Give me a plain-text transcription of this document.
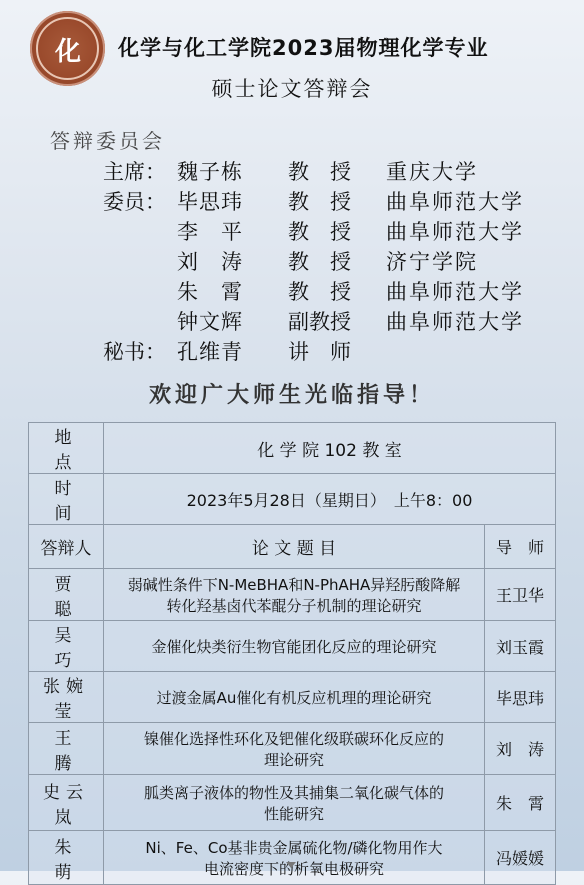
化	化学与化工学院2023届物理化学专业
硕士论文答辩会
答辩委员会
主席： 魏子栋 教　授 重庆大学
委员： 毕思玮 教　授 曲阜师范大学
李　平 教　授 曲阜师范大学
刘　涛 教　授 济宁学院
朱　霄 教　授 曲阜师范大学
钟文辉 副教授 曲阜师范大学
秘书： 孔维青 讲　师
欢迎广大师生光临指导！
地　点	化 学 院 102 教 室	
时　间	2023年5月28日（星期日）　上午8：00	
答辩人	论 文 题 目	导　师
贾　聪	弱碱性条件下N-MeBHA和N-PhAHA异羟肟酸降解
转化羟基卤代苯醌分子机制的理论研究	王卫华
吴　巧	金催化炔类衍生物官能团化反应的理论研究	刘玉霞
张婉莹	过渡金属Au催化有机反应机理的理论研究	毕思玮
王　腾	镍催化选择性环化及钯催化级联碳环化反应的
理论研究	刘　涛
史云岚	胍类离子液体的物性及其捕集二氧化碳气体的
性能研究	朱　霄
朱　萌	Ni、Fe、Co基非贵金属硫化物/磷化物用作大
电流密度下的析氧电极研究	冯媛媛
